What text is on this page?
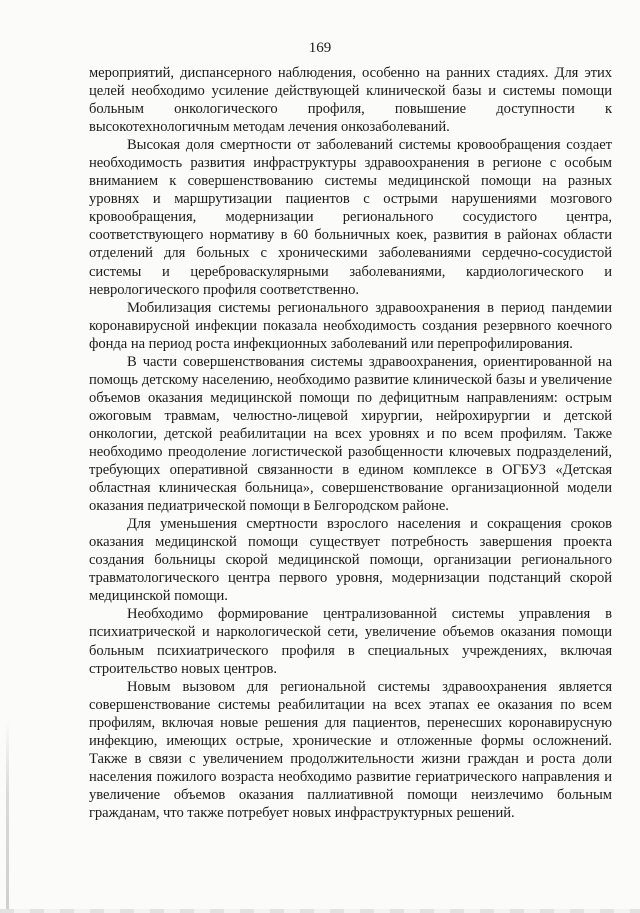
169

мероприятий, диспансерного наблюдения, особенно на ранних стадиях. Для этих целей необходимо усиление действующей клинической базы и системы помощи больным онкологического профиля, повышение доступности к высокотехнологичным методам лечения онкозаболеваний.

Высокая доля смертности от заболеваний системы кровообращения создает необходимость развития инфраструктуры здравоохранения в регионе с особым вниманием к совершенствованию системы медицинской помощи на разных уровнях и маршрутизации пациентов с острыми нарушениями мозгового кровообращения, модернизации регионального сосудистого центра, соответствующего нормативу в 60 больничных коек, развития в районах области отделений для больных с хроническими заболеваниями сердечно-сосудистой системы и цереброваскулярными заболеваниями, кардиологического и неврологического профиля соответственно.

Мобилизация системы регионального здравоохранения в период пандемии коронавирусной инфекции показала необходимость создания резервного коечного фонда на период роста инфекционных заболеваний или перепрофилирования.

В части совершенствования системы здравоохранения, ориентированной на помощь детскому населению, необходимо развитие клинической базы и увеличение объемов оказания медицинской помощи по дефицитным направлениям: острым ожоговым травмам, челюстно-лицевой хирургии, нейрохирургии и детской онкологии, детской реабилитации на всех уровнях и по всем профилям. Также необходимо преодоление логистической разобщенности ключевых подразделений, требующих оперативной связанности в едином комплексе в ОГБУЗ «Детская областная клиническая больница», совершенствование организационной модели оказания педиатрической помощи в Белгородском районе.

Для уменьшения смертности взрослого населения и сокращения сроков оказания медицинской помощи существует потребность завершения проекта создания больницы скорой медицинской помощи, организации регионального травматологического центра первого уровня, модернизации подстанций скорой медицинской помощи.

Необходимо формирование централизованной системы управления в психиатрической и наркологической сети, увеличение объемов оказания помощи больным психиатрического профиля в специальных учреждениях, включая строительство новых центров.

Новым вызовом для региональной системы здравоохранения является совершенствование системы реабилитации на всех этапах ее оказания по всем профилям, включая новые решения для пациентов, перенесших коронавирусную инфекцию, имеющих острые, хронические и отложенные формы осложнений. Также в связи с увеличением продолжительности жизни граждан и роста доли населения пожилого возраста необходимо развитие гериатрического направления и увеличение объемов оказания паллиативной помощи неизлечимо больным гражданам, что также потребует новых инфраструктурных решений.
